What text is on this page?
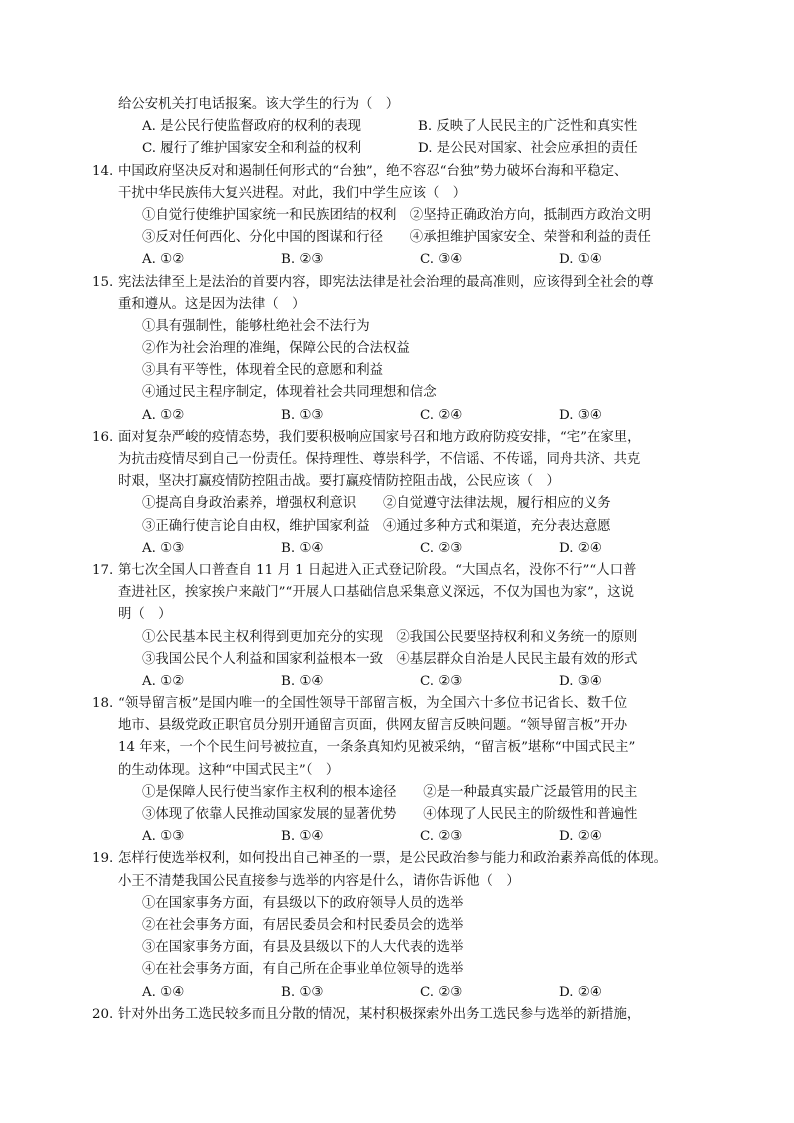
给公安机关打电话报案。该大学生的行为（　）
A. 是公民行使监督政府的权利的表现	B. 反映了人民民主的广泛性和真实性
C. 履行了维护国家安全和利益的权利	D. 是公民对国家、社会应承担的责任
14. 中国政府坚决反对和遏制任何形式的“台独”，绝不容忍“台独”势力破坏台海和平稳定、
干扰中华民族伟大复兴进程。对此，我们中学生应该（　）
①自觉行使维护国家统一和民族团结的权利　②坚持正确政治方向，抵制西方政治文明
③反对任何西化、分化中国的图谋和行径　　④承担维护国家安全、荣誉和利益的责任
A. ①②	B. ②③	C. ③④	D. ①④
15. 宪法法律至上是法治的首要内容，即宪法法律是社会治理的最高准则，应该得到全社会的尊
重和遵从。这是因为法律（　）
①具有强制性，能够杜绝社会不法行为
②作为社会治理的准绳，保障公民的合法权益
③具有平等性，体现着全民的意愿和利益
④通过民主程序制定，体现着社会共同理想和信念
A. ①②	B. ①③	C. ②④	D. ③④
16. 面对复杂严峻的疫情态势，我们要积极响应国家号召和地方政府防疫安排，“宅”在家里，
为抗击疫情尽到自己一份责任。保持理性、尊崇科学，不信谣、不传谣，同舟共济、共克
时艰，坚决打赢疫情防控阻击战。要打赢疫情防控阻击战，公民应该（　）
①提高自身政治素养，增强权利意识　　②自觉遵守法律法规，履行相应的义务
③正确行使言论自由权，维护国家利益　④通过多种方式和渠道，充分表达意愿
A. ①③	B. ①④	C. ②③	D. ②④
17. 第七次全国人口普查自 11 月 1 日起进入正式登记阶段。“大国点名，没你不行”“人口普
查进社区，挨家挨户来敲门”“开展人口基础信息采集意义深远，不仅为国也为家”，这说
明（　）
①公民基本民主权利得到更加充分的实现　②我国公民要坚持权利和义务统一的原则
③我国公民个人利益和国家利益根本一致　④基层群众自治是人民民主最有效的形式
A. ①②	B. ①④	C. ②③	D. ③④
18. “领导留言板”是国内唯一的全国性领导干部留言板，为全国六十多位书记省长、数千位
地市、县级党政正职官员分别开通留言页面，供网友留言反映问题。“领导留言板”开办
14 年来，一个个民生问号被拉直，一条条真知灼见被采纳，“留言板”堪称“中国式民主”
的生动体现。这种“中国式民主”（　）
①是保障人民行使当家作主权利的根本途径　　②是一种最真实最广泛最管用的民主
③体现了依靠人民推动国家发展的显著优势　　④体现了人民民主的阶级性和普遍性
A. ①③	B. ①④	C. ②③	D. ②④
19. 怎样行使选举权利，如何投出自己神圣的一票，是公民政治参与能力和政治素养高低的体现。
小王不清楚我国公民直接参与选举的内容是什么，请你告诉他（　）
①在国家事务方面，有县级以下的政府领导人员的选举
②在社会事务方面，有居民委员会和村民委员会的选举
③在国家事务方面，有县及县级以下的人大代表的选举
④在社会事务方面，有自己所在企事业单位领导的选举
A. ①④	B. ①③	C. ②③	D. ②④
20. 针对外出务工选民较多而且分散的情况，某村积极探索外出务工选民参与选举的新措施，
